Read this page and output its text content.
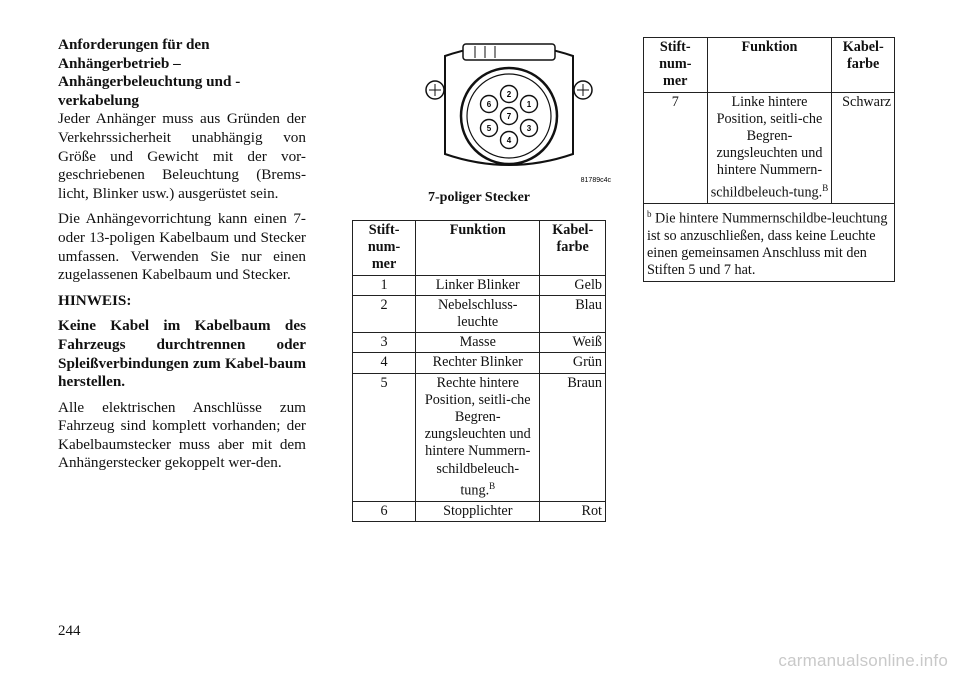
Anforderungen für den Anhängerbetrieb – Anhängerbeleuchtung und -verkabelung

Jeder Anhänger muss aus Gründen der Verkehrssicherheit unabhängig von Größe und Gewicht mit der vor-geschriebenen Beleuchtung (Brems-licht, Blinker usw.) ausgerüstet sein.

Die Anhängevorrichtung kann einen 7- oder 13-poligen Kabelbaum und Stecker umfassen. Verwenden Sie nur einen zugelassenen Kabelbaum und Stecker.

HINWEIS:

Keine Kabel im Kabelbaum des Fahrzeugs durchtrennen oder Spleißverbindungen zum Kabel-baum herstellen.

Alle elektrischen Anschlüsse zum Fahrzeug sind komplett vorhanden; der Kabelbaumstecker muss aber mit dem Anhängerstecker gekoppelt wer-den.

7
1
6
2
5	3
4
81789c4c
7-poliger Stecker
Stift-num-mer	Funktion	Kabel-farbe
1	Linker Blinker	Gelb
2	Nebelschluss-leuchte	Blau
3	Masse	Weiß
4	Rechter Blinker	Grün
5	Rechte hintere Position, seitli-che Begren-zungsleuchten und hintere Nummern-schildbeleuch-tung.$^B$	Braun
6	Stopplichter	Rot
Stift-num-mer	Funktion	Kabel-farbe
7	Linke hintere Position, seitli-che Begren-zungsleuchten und hintere Nummern-schildbeleuch-tung.$^B$	Schwarz
$^b$ Die hintere Nummernschildbe-leuchtung ist so anzuschließen, dass keine Leuchte einen gemeinsamen Anschluss mit den Stiften 5 und 7 hat.		
244
carmanualsonline.info
